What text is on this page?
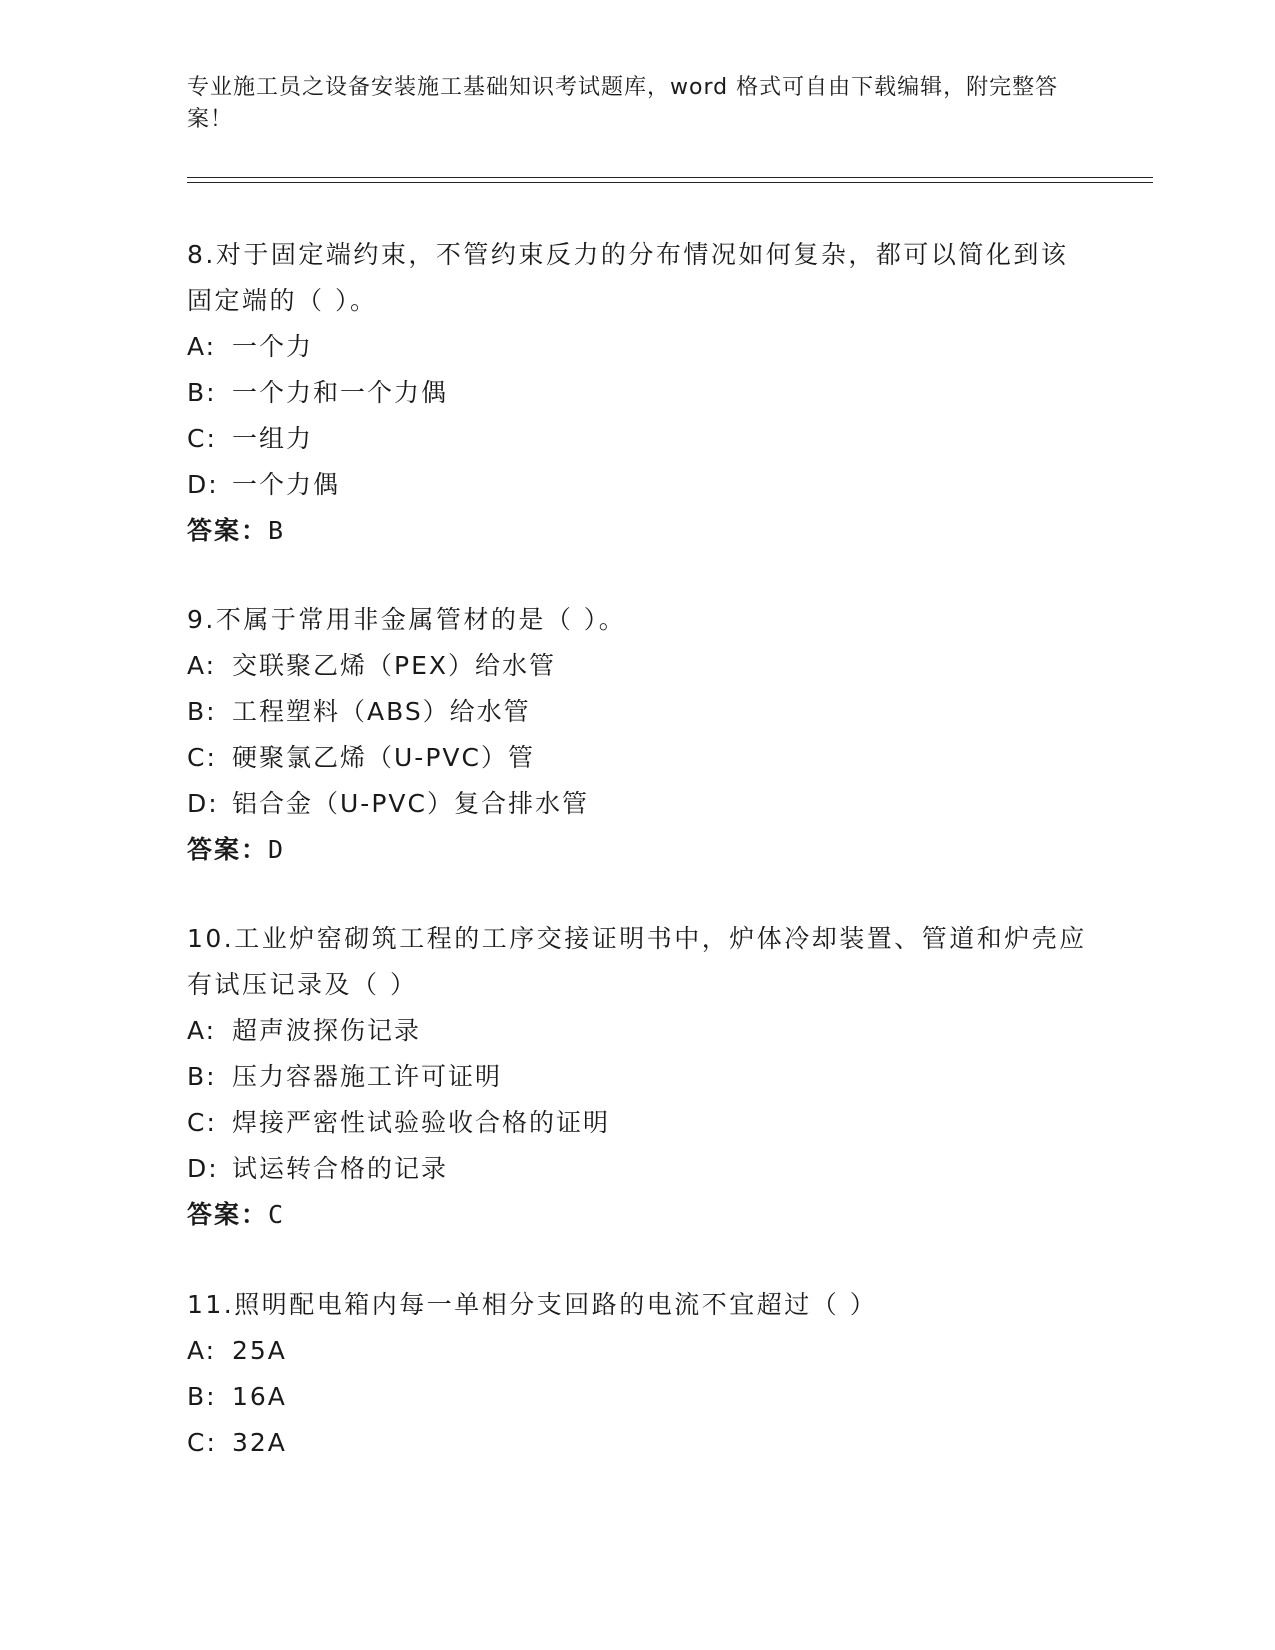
专业施工员之设备安装施工基础知识考试题库，word 格式可自由下载编辑，附完整答案！

8.对于固定端约束，不管约束反力的分布情况如何复杂，都可以简化到该固定端的（ ）。

A: 一个力

B: 一个力和一个力偶

C: 一组力

D: 一个力偶

答案：B

9.不属于常用非金属管材的是（ ）。

A: 交联聚乙烯（PEX）给水管

B: 工程塑料（ABS）给水管

C: 硬聚氯乙烯（U-PVC）管

D: 铝合金（U-PVC）复合排水管

答案：D

10.工业炉窑砌筑工程的工序交接证明书中，炉体冷却装置、管道和炉壳应有试压记录及（ ）

A: 超声波探伤记录

B: 压力容器施工许可证明

C: 焊接严密性试验验收合格的证明

D: 试运转合格的记录

答案：C

11.照明配电箱内每一单相分支回路的电流不宜超过（ ）

A: 25A

B: 16A

C: 32A
